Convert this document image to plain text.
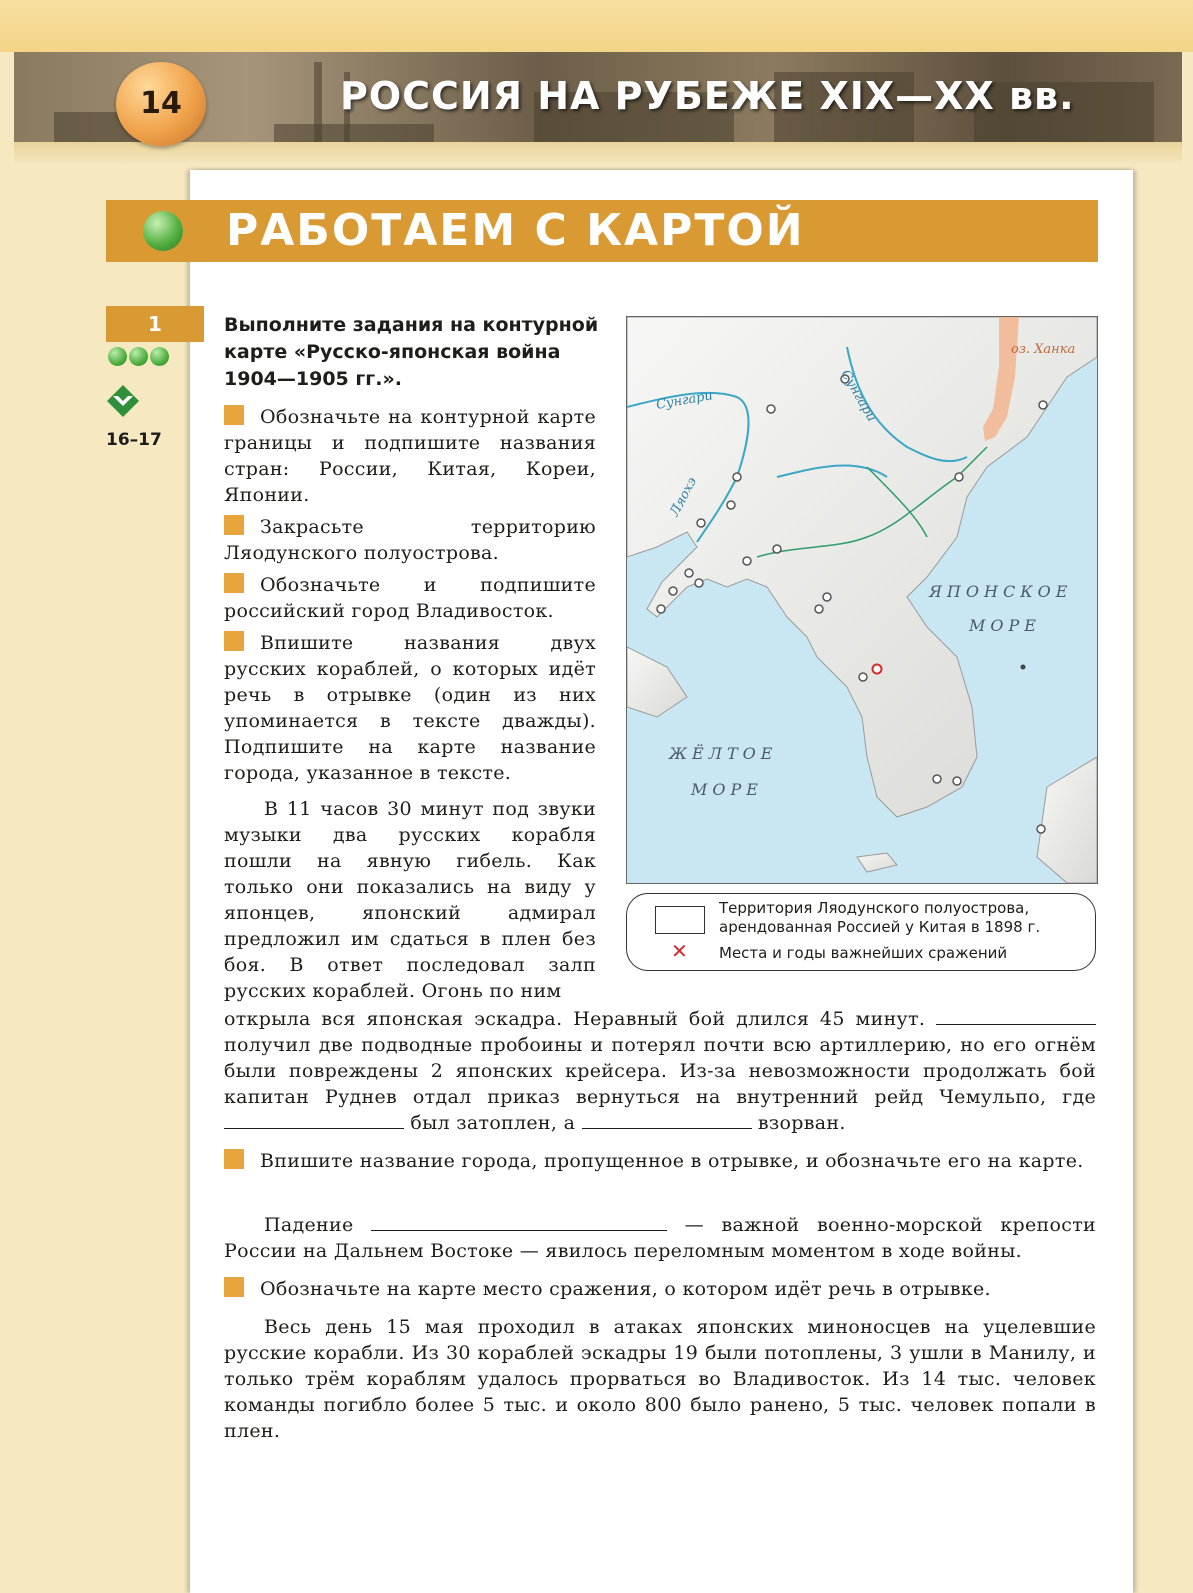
14	РОССИЯ НА РУБЕЖЕ XIX—XX вв.
РАБОТАЕМ С КАРТОЙ
1
16–17
Выполните задания на контурной карте «Русско-японская война 1904—1905 гг.».
Обозначьте на контурной карте границы и подпишите названия стран: России, Китая, Кореи, Японии.
Закрасьте территорию Ляодунского полуострова.
Обозначьте и подпишите российский город Владивосток.
Впишите названия двух русских кораблей, о которых идёт речь в отрывке (один из них упоминается в тексте дважды). Подпишите на карте название города, указанное в тексте.
В 11 часов 30 минут под звуки музыки два русских корабля пошли на явную гибель. Как только они показались на виду у японцев, японский адмирал предложил им сдаться в плен без боя. В ответ последовал залп русских кораблей. Огонь по ним
открыла вся японская эскадра. Неравный бой длился 45 минут.  получил две подводные пробоины и потерял почти всю артиллерию, но его огнём были повреждены 2 японских крейсера. Из-за невозможности продолжать бой капитан Руднев отдал приказ вернуться на внутренний рейд Чемульпо, где  был затоплен, а	взорван.
Впишите название города, пропущенное в отрывке, и обозначьте его на карте.
Падение	— важной военно-морской крепости России на Дальнем Востоке — явилось переломным моментом в ходе войны.
Обозначьте на карте место сражения, о котором идёт речь в отрывке.
Весь день 15 мая проходил в атаках японских миноносцев на уцелевшие русские корабли. Из 30 кораблей эскадры 19 были потоплены, 3 ушли в Манилу, и только трём кораблям удалось прорваться во Владивосток. Из 14 тыс. человек команды погибло более 5 тыс. и около 800 было ранено, 5 тыс. человек попали в плен.
оз. Ханка
Сунгари
Сунгари
Ляохэ
ЯПОНСКОЕ
МОРЕ
ЖЁЛТОЕ
МОРЕ
Территория Ляодунского полуострова, арендованная Россией у Китая в 1898 г.
✕ Места и годы важнейших сражений
